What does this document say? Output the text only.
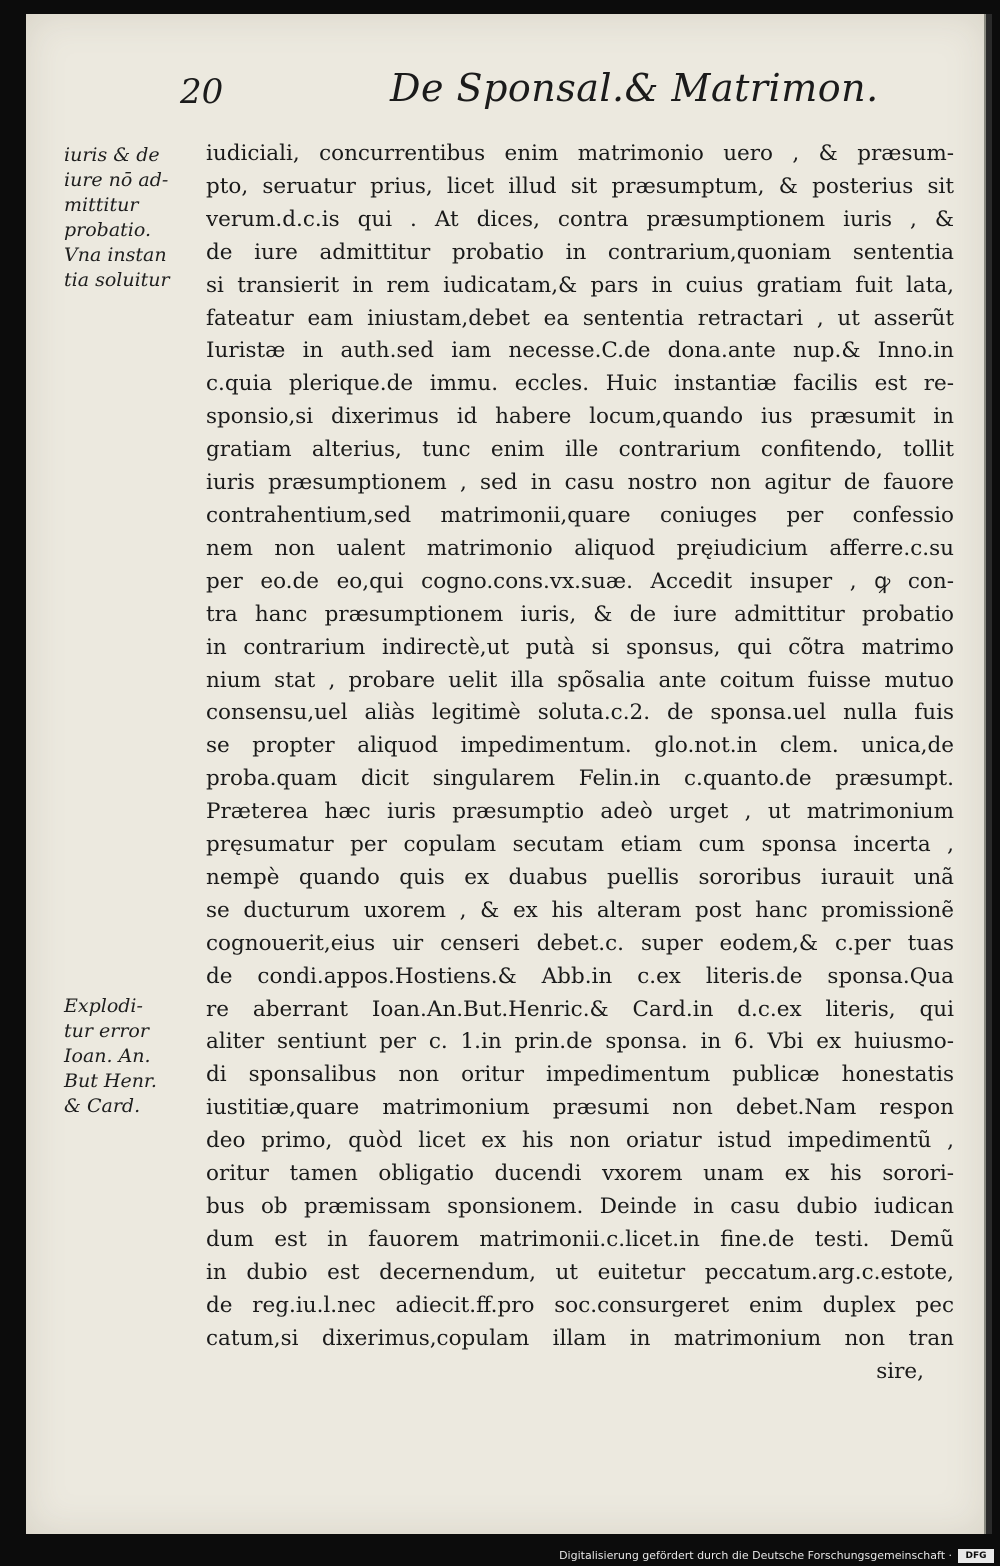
20	De Sponsal.& Matrimon.
iuris & de
iure nō ad-
mittitur
probatio.
Vna instan
tia soluitur
Explodi-
tur error
Ioan. An.
But Henr.
& Card.
iudiciali, concurrentibus enim matrimonio uero , & præsum-
pto, seruatur prius, licet illud sit præsumptum, & posterius sit
verum.d.c.is qui . At dices, contra præsumptionem iuris , &
de iure admittitur probatio in contrarium,quoniam sententia
si transierit in rem iudicatam,& pars in cuius gratiam fuit lata,
fateatur eam iniustam,debet ea sententia retractari , ut asserũt
Iuristæ in auth.sed iam necesse.C.de dona.ante nup.& Inno.in
c.quia plerique.de immu. eccles. Huic instantiæ facilis est re-
sponsio,si dixerimus id habere locum,quando ius præsumit in
gratiam alterius, tunc enim ille contrarium confitendo, tollit
iuris præsumptionem , sed in casu nostro non agitur de fauore
contrahentium,sed matrimonii,quare coniuges per confessio
nem non ualent matrimonio aliquod pręiudicium afferre.c.su
per eo.de eo,qui cogno.cons.vx.suæ. Accedit insuper , ꝙ con-
tra hanc præsumptionem iuris, & de iure admittitur probatio
in contrarium indirectè,ut putà si sponsus, qui cõtra matrimo
nium stat , probare uelit illa spõsalia ante coitum fuisse mutuo
consensu,uel aliàs legitimè soluta.c.2. de sponsa.uel nulla fuis
se propter aliquod impedimentum. glo.not.in clem. unica,de
proba.quam dicit singularem Felin.in c.quanto.de præsumpt.
Præterea hæc iuris præsumptio adeò urget , ut matrimonium
pręsumatur per copulam secutam etiam cum sponsa incerta ,
nempè quando quis ex duabus puellis sororibus iurauit unã
se ducturum uxorem , & ex his alteram post hanc promissionẽ
cognouerit,eius uir censeri debet.c. super eodem,& c.per tuas
de condi.appos.Hostiens.& Abb.in c.ex literis.de sponsa.Qua
re aberrant Ioan.An.But.Henric.& Card.in d.c.ex literis, qui
aliter sentiunt per c. 1.in prin.de sponsa. in 6. Vbi ex huiusmo-
di sponsalibus non oritur impedimentum publicæ honestatis
iustitiæ,quare matrimonium præsumi non debet.Nam respon
deo primo, quòd licet ex his non oriatur istud impedimentũ ,
oritur tamen obligatio ducendi vxorem unam ex his sorori-
bus ob præmissam sponsionem. Deinde in casu dubio iudican
dum est in fauorem matrimonii.c.licet.in fine.de testi. Demũ
in dubio est decernendum, ut euitetur peccatum.arg.c.estote,
de reg.iu.l.nec adiecit.ff.pro soc.consurgeret enim duplex pec
catum,si dixerimus,copulam illam in matrimonium non tran
sire,
Digitalisierung gefördert durch die Deutsche Forschungsgemeinschaft ·	DFG
